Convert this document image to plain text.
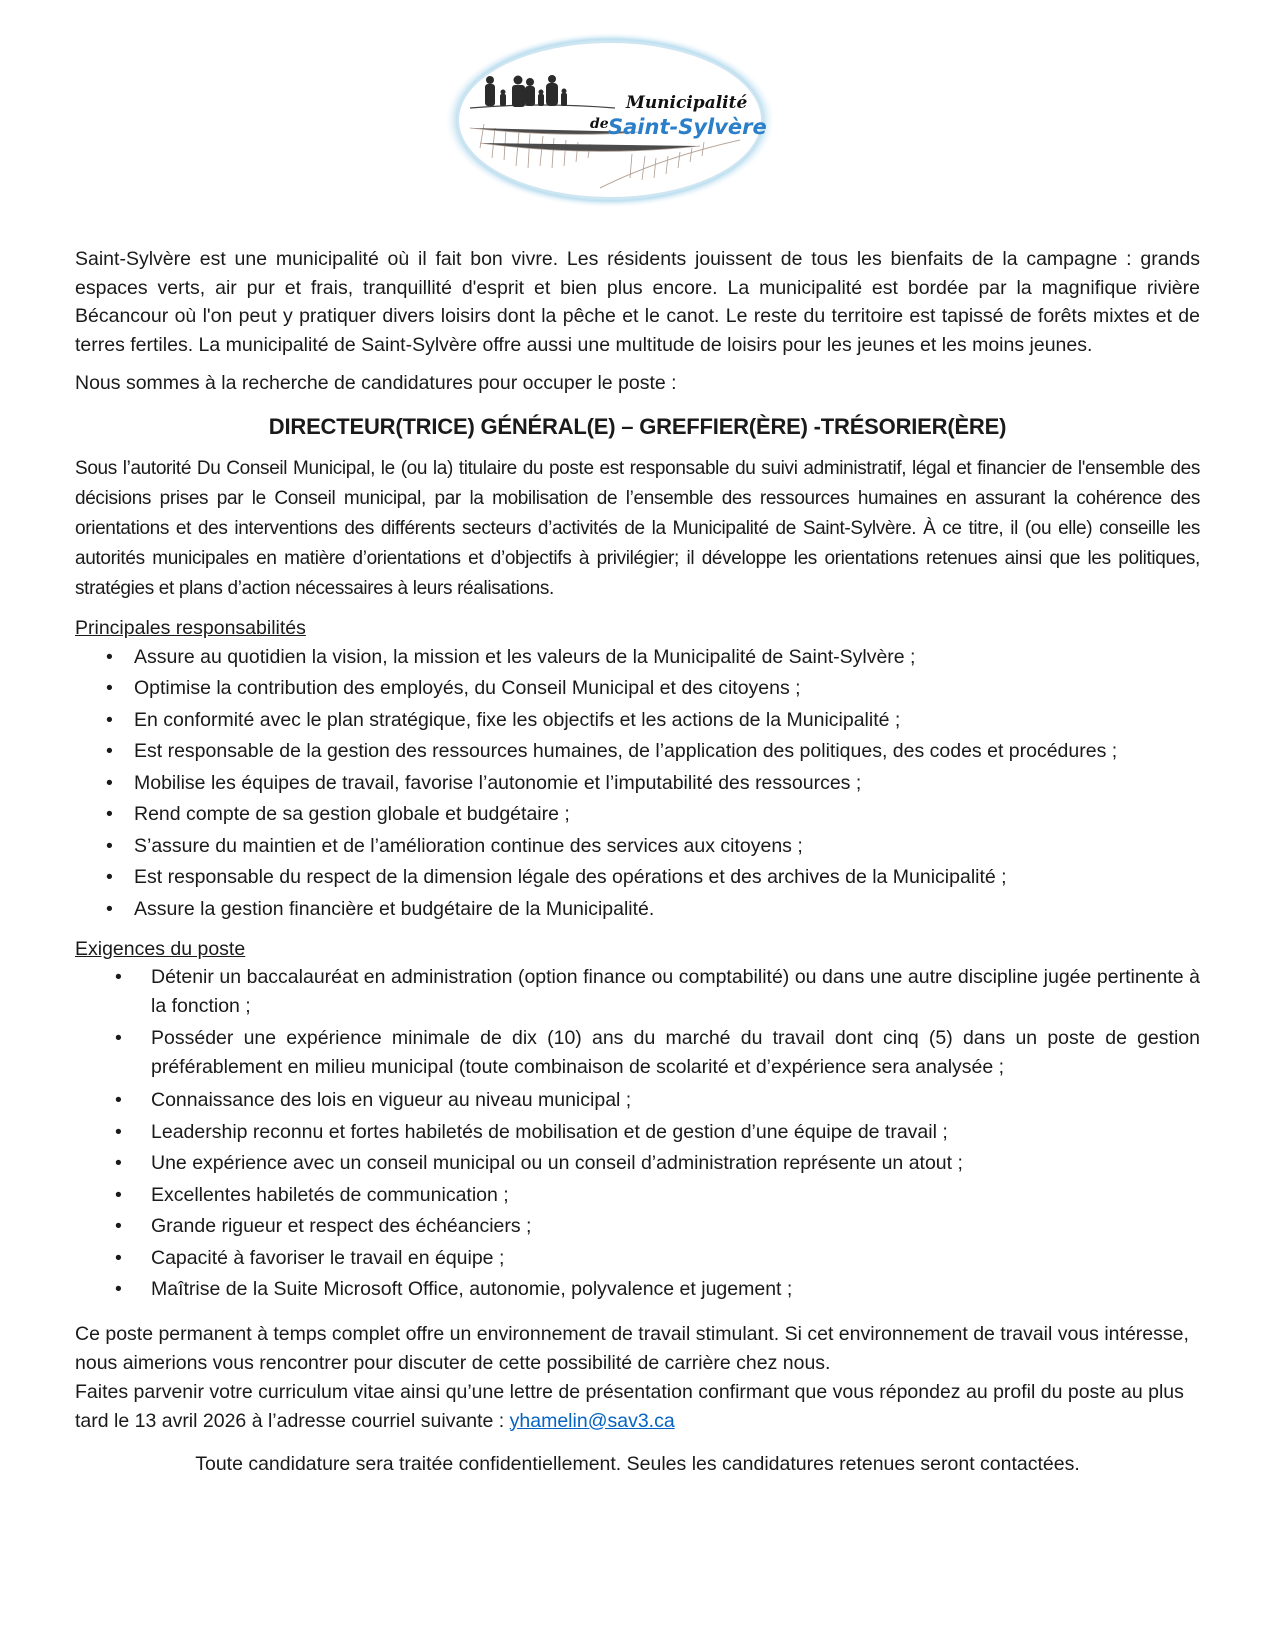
Municipalité
de Saint-Sylvère

Saint-Sylvère est une municipalité où il fait bon vivre. Les résidents jouissent de tous les bienfaits de la campagne : grands espaces verts, air pur et frais, tranquillité d'esprit et bien plus encore. La municipalité est bordée par la magnifique rivière Bécancour où l'on peut y pratiquer divers loisirs dont la pêche et le canot. Le reste du territoire est tapissé de forêts mixtes et de terres fertiles. La municipalité de Saint-Sylvère offre aussi une multitude de loisirs pour les jeunes et les moins jeunes.

Nous sommes à la recherche de candidatures pour occuper le poste :

DIRECTEUR(TRICE) GÉNÉRAL(E) – GREFFIER(ÈRE) -TRÉSORIER(ÈRE)

Sous l’autorité Du Conseil Municipal, le (ou la) titulaire du poste est responsable du suivi administratif, légal et financier de l'ensemble des décisions prises par le Conseil municipal, par la mobilisation de l’ensemble des ressources humaines en assurant la cohérence des orientations et des interventions des différents secteurs d’activités de la Municipalité de Saint-Sylvère. À ce titre, il (ou elle) conseille les autorités municipales en matière d’orientations et d’objectifs à privilégier; il développe les orientations retenues ainsi que les politiques, stratégies et plans d’action nécessaires à leurs réalisations.

Principales responsabilités

• Assure au quotidien la vision, la mission et les valeurs de la Municipalité de Saint-Sylvère ;
• Optimise la contribution des employés, du Conseil Municipal et des citoyens ;
• En conformité avec le plan stratégique, fixe les objectifs et les actions de la Municipalité ;
• Est responsable de la gestion des ressources humaines, de l’application des politiques, des codes et procédures ;
• Mobilise les équipes de travail, favorise l’autonomie et l’imputabilité des ressources ;
• Rend compte de sa gestion globale et budgétaire ;
• S’assure du maintien et de l’amélioration continue des services aux citoyens ;
• Est responsable du respect de la dimension légale des opérations et des archives de la Municipalité ;
• Assure la gestion financière et budgétaire de la Municipalité.

Exigences du poste

• Détenir un baccalauréat en administration (option finance ou comptabilité) ou dans une autre discipline jugée pertinente à la fonction ;
• Posséder une expérience minimale de dix (10) ans du marché du travail dont cinq (5) dans un poste de gestion préférablement en milieu municipal (toute combinaison de scolarité et d’expérience sera analysée ;
• Connaissance des lois en vigueur au niveau municipal ;
• Leadership reconnu et fortes habiletés de mobilisation et de gestion d’une équipe de travail ;
• Une expérience avec un conseil municipal ou un conseil d’administration représente un atout ;
• Excellentes habiletés de communication ;
• Grande rigueur et respect des échéanciers ;
• Capacité à favoriser le travail en équipe ;
• Maîtrise de la Suite Microsoft Office, autonomie, polyvalence et jugement ;

Ce poste permanent à temps complet offre un environnement de travail stimulant. Si cet environnement de travail vous intéresse, nous aimerions vous rencontrer pour discuter de cette possibilité de carrière chez nous.

Faites parvenir votre curriculum vitae ainsi qu’une lettre de présentation confirmant que vous répondez au profil du poste au plus tard le 13 avril 2026 à l’adresse courriel suivante : yhamelin@sav3.ca

Toute candidature sera traitée confidentiellement. Seules les candidatures retenues seront contactées.
